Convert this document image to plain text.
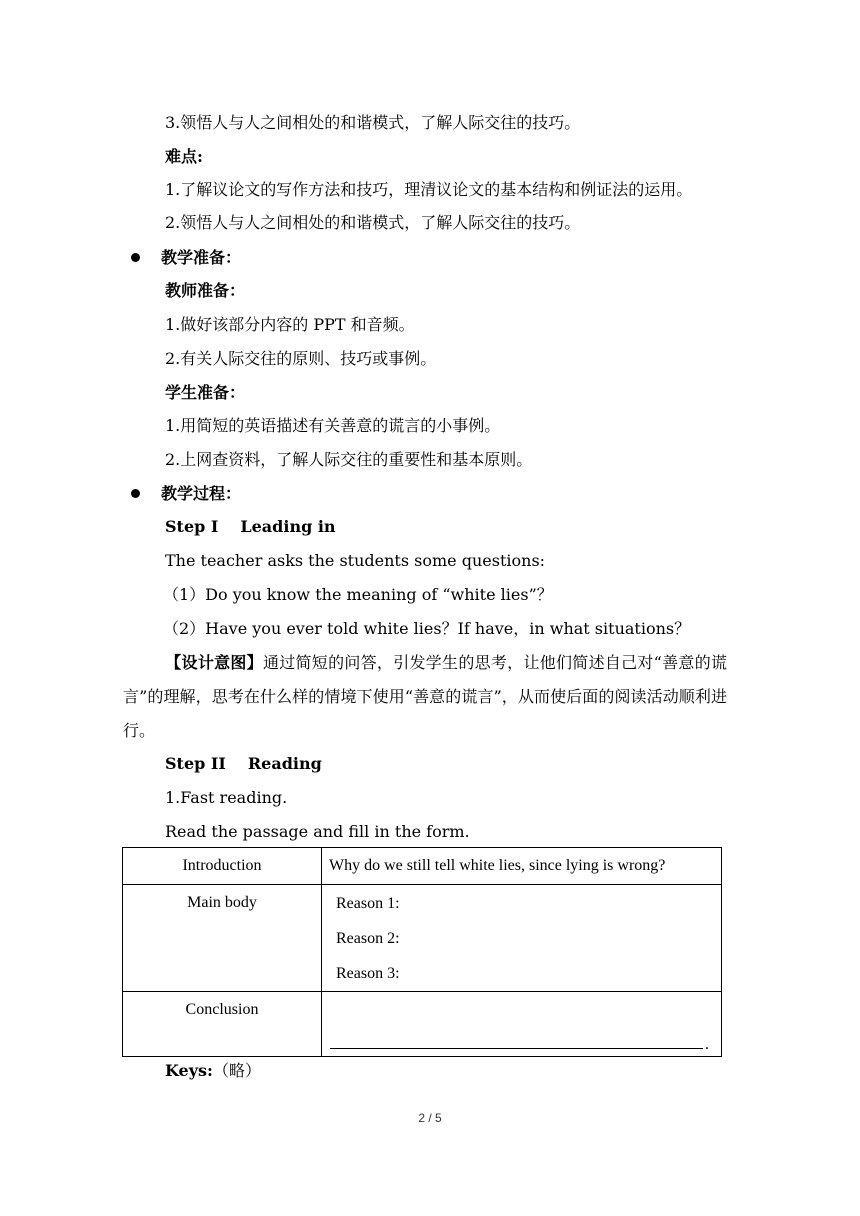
3.领悟人与人之间相处的和谐模式，了解人际交往的技巧。
难点:
1.了解议论文的写作方法和技巧，理清议论文的基本结构和例证法的运用。
2.领悟人与人之间相处的和谐模式，了解人际交往的技巧。
教学准备：
教师准备：
1.做好该部分内容的 PPT 和音频。
2.有关人际交往的原则、技巧或事例。
学生准备：
1.用简短的英语描述有关善意的谎言的小事例。
2.上网查资料，了解人际交往的重要性和基本原则。
教学过程：
Step I Leading in
The teacher asks the students some questions:
（1）Do you know the meaning of “white lies”？
（2）Have you ever told white lies？If have，in what situations？
【设计意图】通过简短的问答，引发学生的思考，让他们简述自己对“善意的谎言”的理解，思考在什么样的情境下使用“善意的谎言”，从而使后面的阅读活动顺利进行。
Step II Reading
1.Fast reading.
Read the passage and fill in the form.
Introduction	Why do we still tell white lies, since lying is wrong?

Main body	Reason 1:
Reason 2:
Reason 3:

Conclusion	.
Keys:（略）
2 / 5
